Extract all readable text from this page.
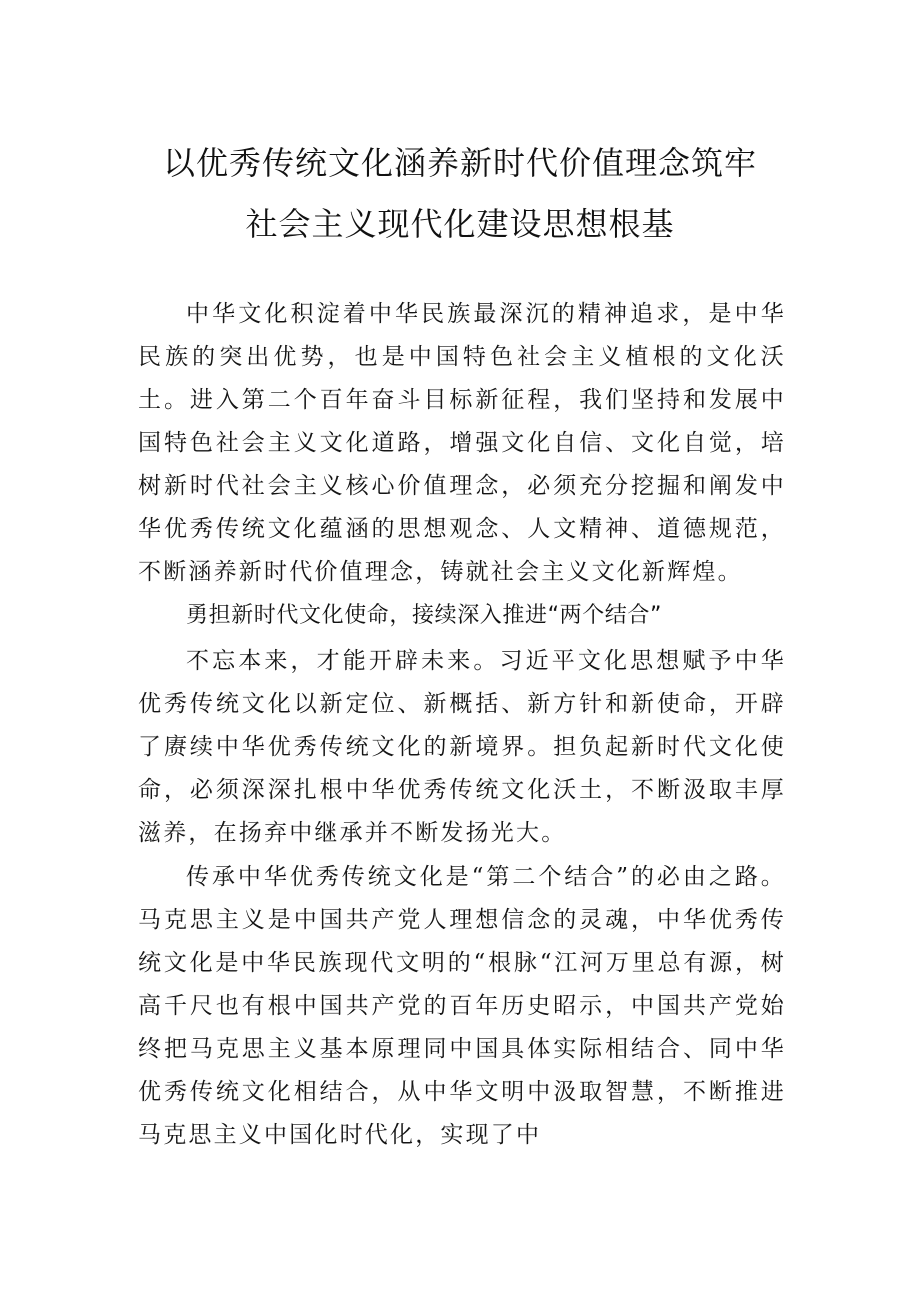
以优秀传统文化涵养新时代价值理念筑牢
社会主义现代化建设思想根基

中华文化积淀着中华民族最深沉的精神追求，是中华民族的突出优势，也是中国特色社会主义植根的文化沃土。进入第二个百年奋斗目标新征程，我们坚持和发展中国特色社会主义文化道路，增强文化自信、文化自觉，培树新时代社会主义核心价值理念，必须充分挖掘和阐发中华优秀传统文化蕴涵的思想观念、人文精神、道德规范，不断涵养新时代价值理念，铸就社会主义文化新辉煌。

勇担新时代文化使命，接续深入推进“两个结合”

不忘本来，才能开辟未来。习近平文化思想赋予中华优秀传统文化以新定位、新概括、新方针和新使命，开辟了赓续中华优秀传统文化的新境界。担负起新时代文化使命，必须深深扎根中华优秀传统文化沃土，不断汲取丰厚滋养，在扬弃中继承并不断发扬光大。

传承中华优秀传统文化是“第二个结合”的必由之路。马克思主义是中国共产党人理想信念的灵魂，中华优秀传统文化是中华民族现代文明的“根脉“江河万里总有源，树高千尺也有根中国共产党的百年历史昭示，中国共产党始终把马克思主义基本原理同中国具体实际相结合、同中华优秀传统文化相结合，从中华文明中汲取智慧，不断推进马克思主义中国化时代化，实现了中
